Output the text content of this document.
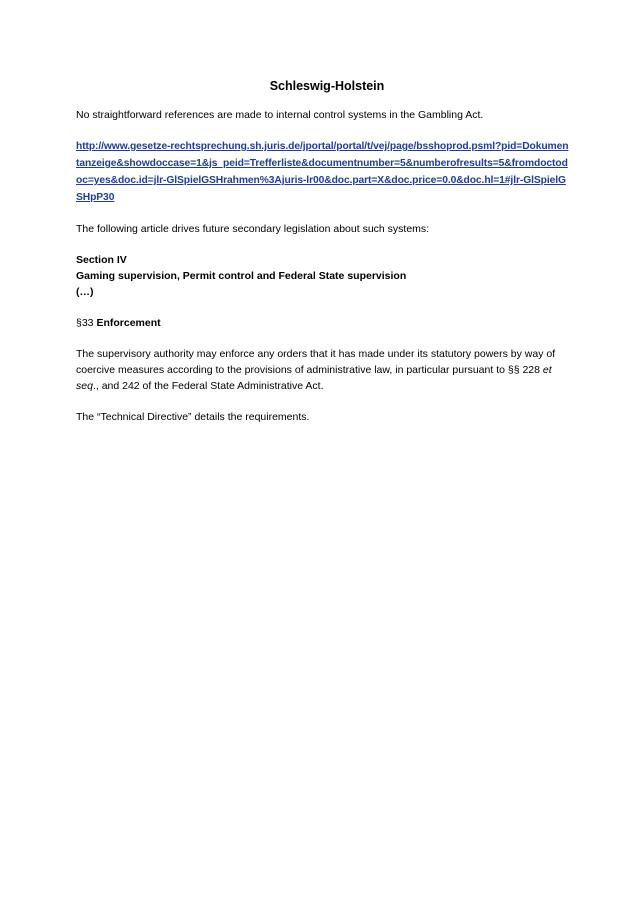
Schleswig-Holstein

No straightforward references are made to internal control systems in the Gambling Act.

http://www.gesetze-rechtsprechung.sh.juris.de/jportal/portal/t/vej/page/bsshoprod.psml?pid=Dokumentanzeige&showdoccase=1&js_peid=Trefferliste&documentnumber=5&numberofresults=5&fromdoctodoc=yes&doc.id=jlr-GlSpielGSHrahmen%3Ajuris-lr00&doc.part=X&doc.price=0.0&doc.hl=1#jlr-GlSpielGSHpP30

The following article drives future secondary legislation about such systems:

Section IV
Gaming supervision, Permit control and Federal State supervision
(…)

§33 Enforcement

The supervisory authority may enforce any orders that it has made under its statutory powers by way of coercive measures according to the provisions of administrative law, in particular pursuant to §§ 228 et seq., and 242 of the Federal State Administrative Act.

The “Technical Directive” details the requirements.
